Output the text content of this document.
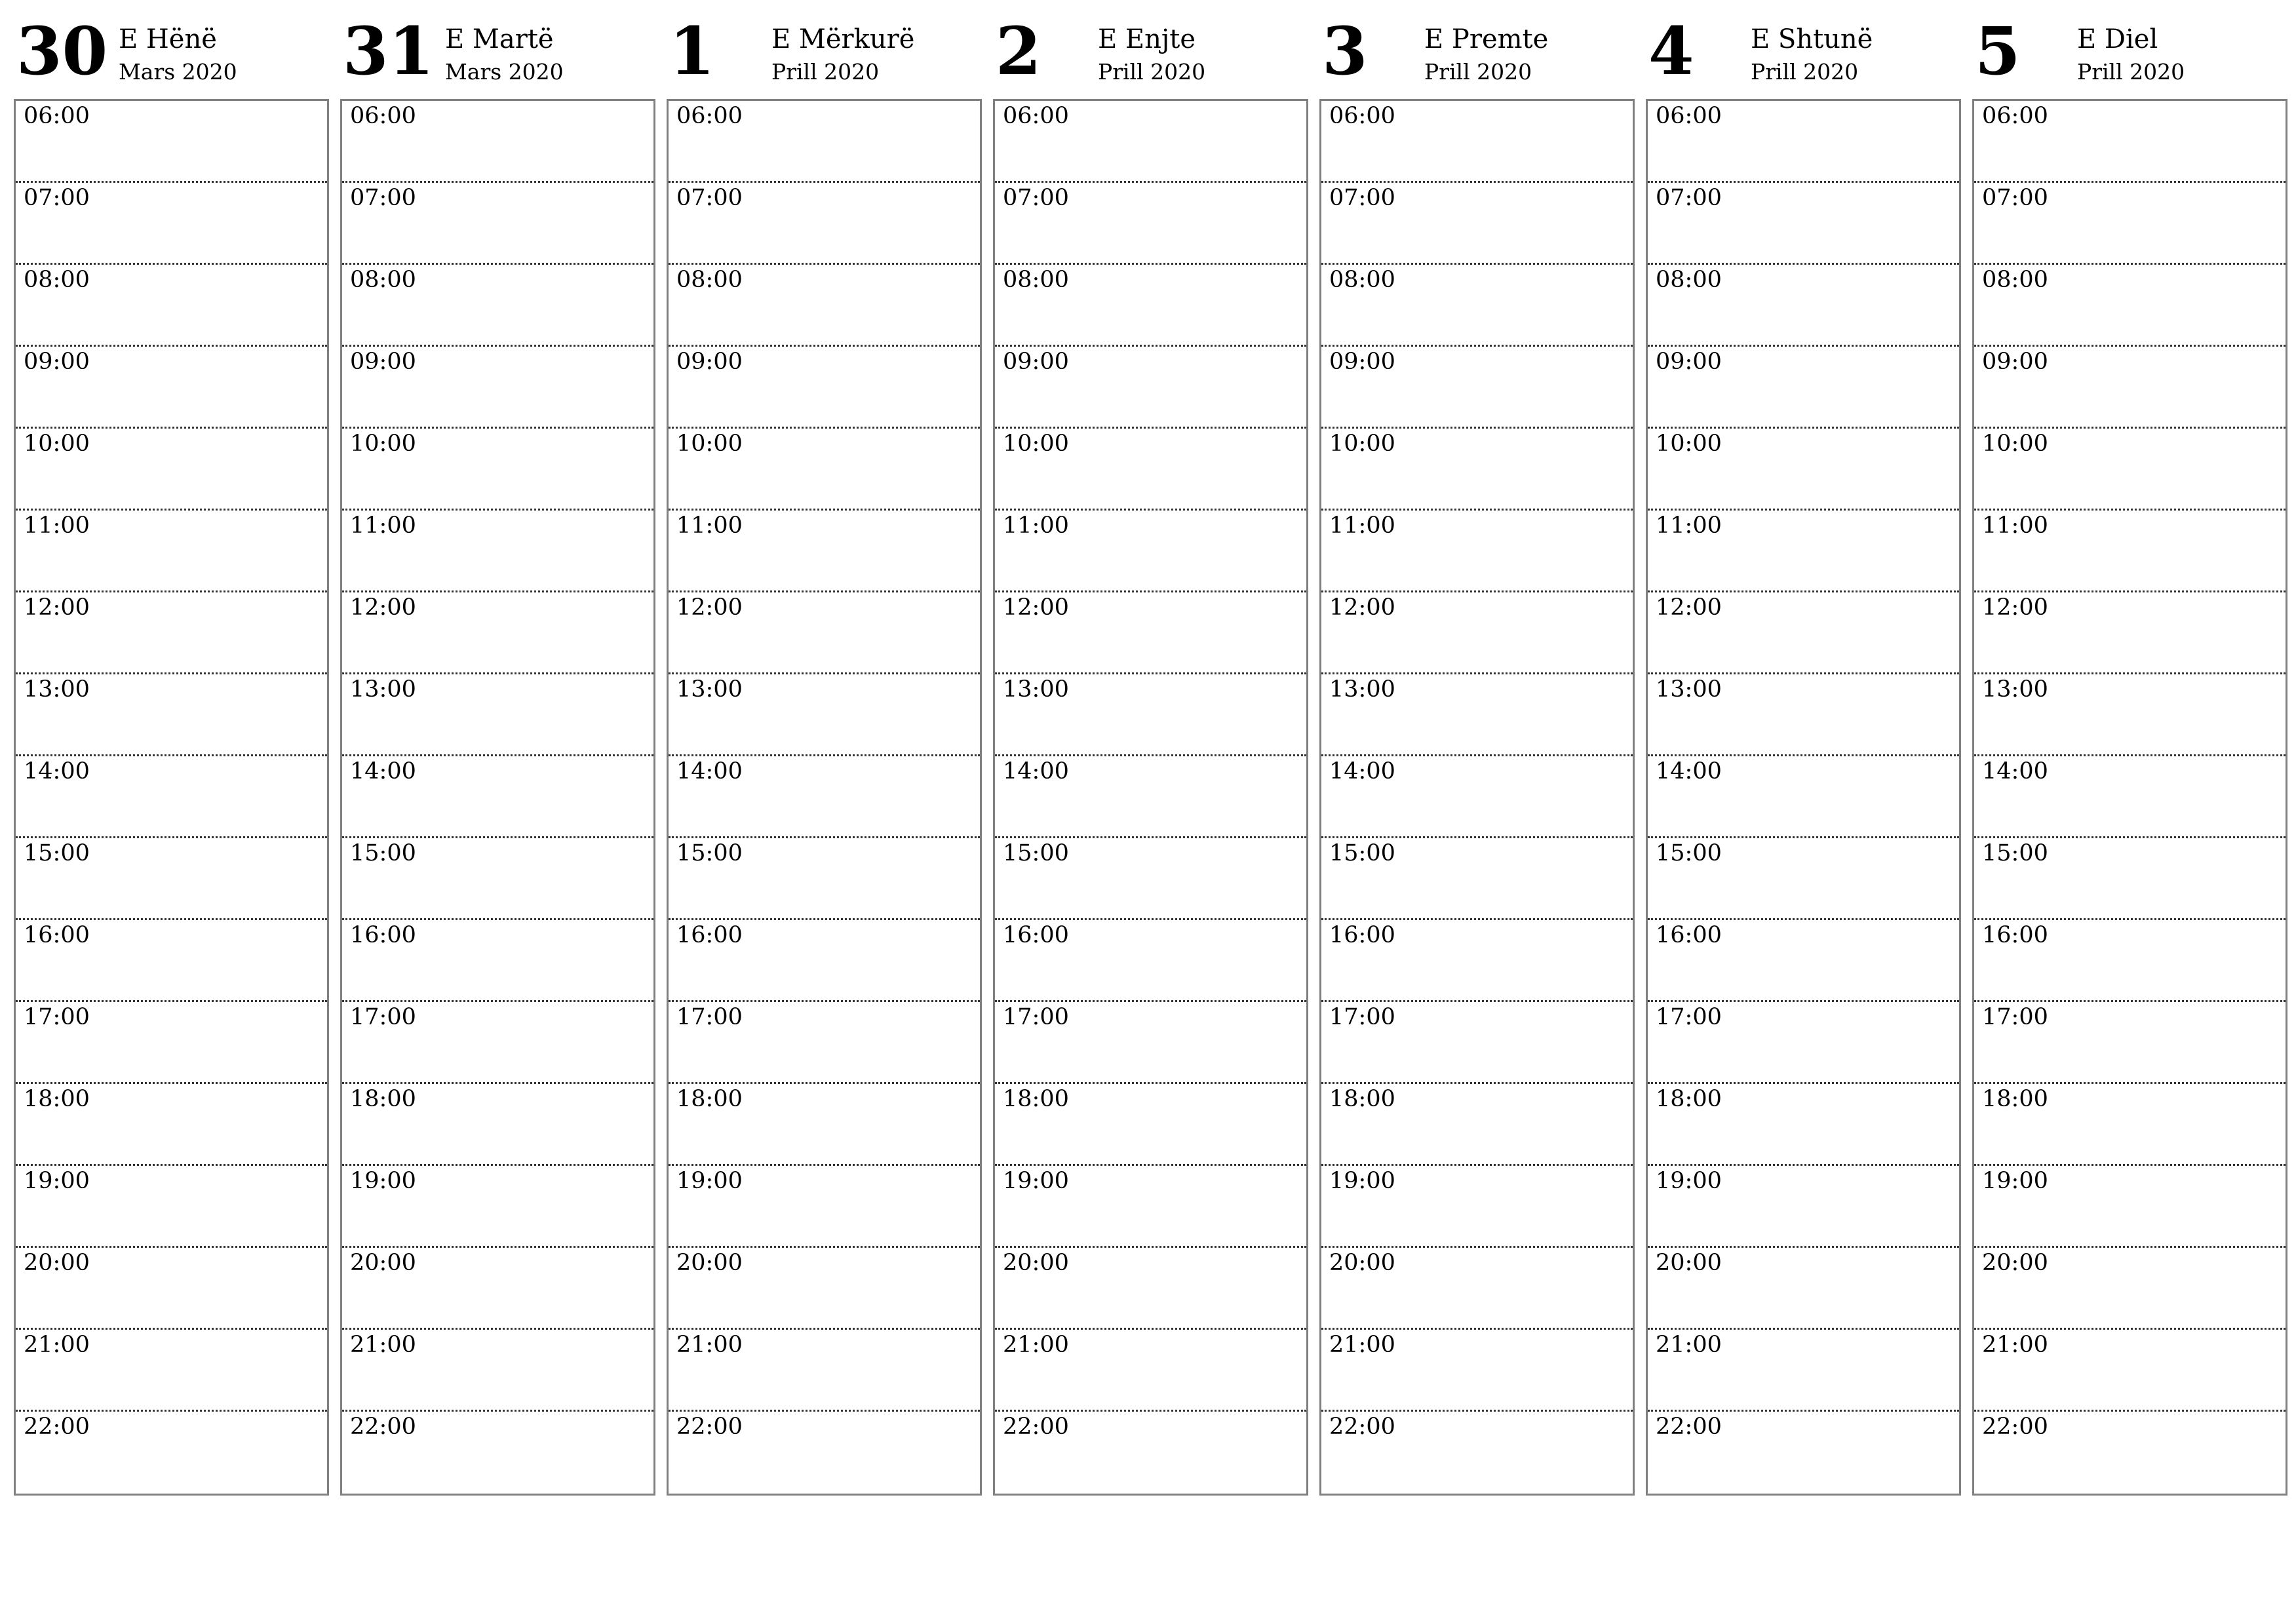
30 E Hënë
Mars 2020
06:00
07:00
08:00
09:00
10:00
11:00
12:00
13:00
14:00
15:00
16:00
17:00
18:00
19:00
20:00
21:00
22:00
31 E Martë
Mars 2020
06:00
07:00
08:00
09:00
10:00
11:00
12:00
13:00
14:00
15:00
16:00
17:00
18:00
19:00
20:00
21:00
22:00
1 E Mërkurë
Prill 2020
06:00
07:00
08:00
09:00
10:00
11:00
12:00
13:00
14:00
15:00
16:00
17:00
18:00
19:00
20:00
21:00
22:00
2 E Enjte
Prill 2020
06:00
07:00
08:00
09:00
10:00
11:00
12:00
13:00
14:00
15:00
16:00
17:00
18:00
19:00
20:00
21:00
22:00
3 E Premte
Prill 2020
06:00
07:00
08:00
09:00
10:00
11:00
12:00
13:00
14:00
15:00
16:00
17:00
18:00
19:00
20:00
21:00
22:00
4 E Shtunë
Prill 2020
06:00
07:00
08:00
09:00
10:00
11:00
12:00
13:00
14:00
15:00
16:00
17:00
18:00
19:00
20:00
21:00
22:00
5 E Diel
Prill 2020
06:00
07:00
08:00
09:00
10:00
11:00
12:00
13:00
14:00
15:00
16:00
17:00
18:00
19:00
20:00
21:00
22:00
